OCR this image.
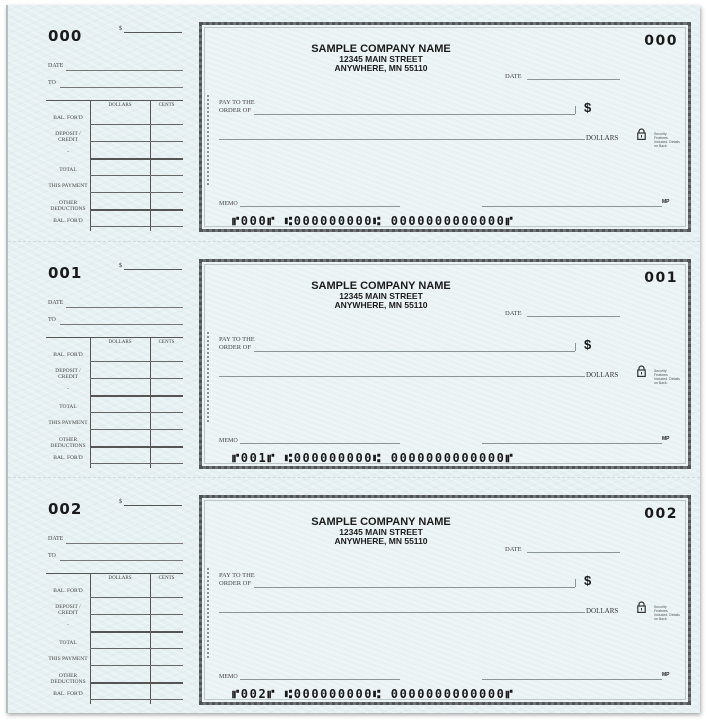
000	$
DATE
TO
DOLLARS	CENTS
BAL. FOR'D
DEPOSIT / CREDIT
-
TOTAL
THIS PAYMENT
OTHER DEDUCTIONS
BAL. FOR'D
SAMPLE COMPANY NAME
12345 MAIN STREET
ANYWHERE, MN 55110
000
DATE
PAY TO THE
ORDER OF	$
DOLLARS	Security Features Included. Details on Back.
MEMO	MP
⑈000⑈ ⑆000000000⑆ 0000000000000⑈
001	$
DATE
TO
DOLLARS	CENTS
BAL. FOR'D
DEPOSIT / CREDIT
-
TOTAL
THIS PAYMENT
OTHER DEDUCTIONS
BAL. FOR'D
SAMPLE COMPANY NAME
12345 MAIN STREET
ANYWHERE, MN 55110
001
DATE
PAY TO THE
ORDER OF	$
DOLLARS	Security Features Included. Details on Back.
MEMO	MP
⑈001⑈ ⑆000000000⑆ 0000000000000⑈
002	$
DATE
TO
DOLLARS	CENTS
BAL. FOR'D
DEPOSIT / CREDIT
-
TOTAL
THIS PAYMENT
OTHER DEDUCTIONS
BAL. FOR'D
SAMPLE COMPANY NAME
12345 MAIN STREET
ANYWHERE, MN 55110
002
DATE
PAY TO THE
ORDER OF	$
DOLLARS	Security Features Included. Details on Back.
MEMO	MP
⑈002⑈ ⑆000000000⑆ 0000000000000⑈
